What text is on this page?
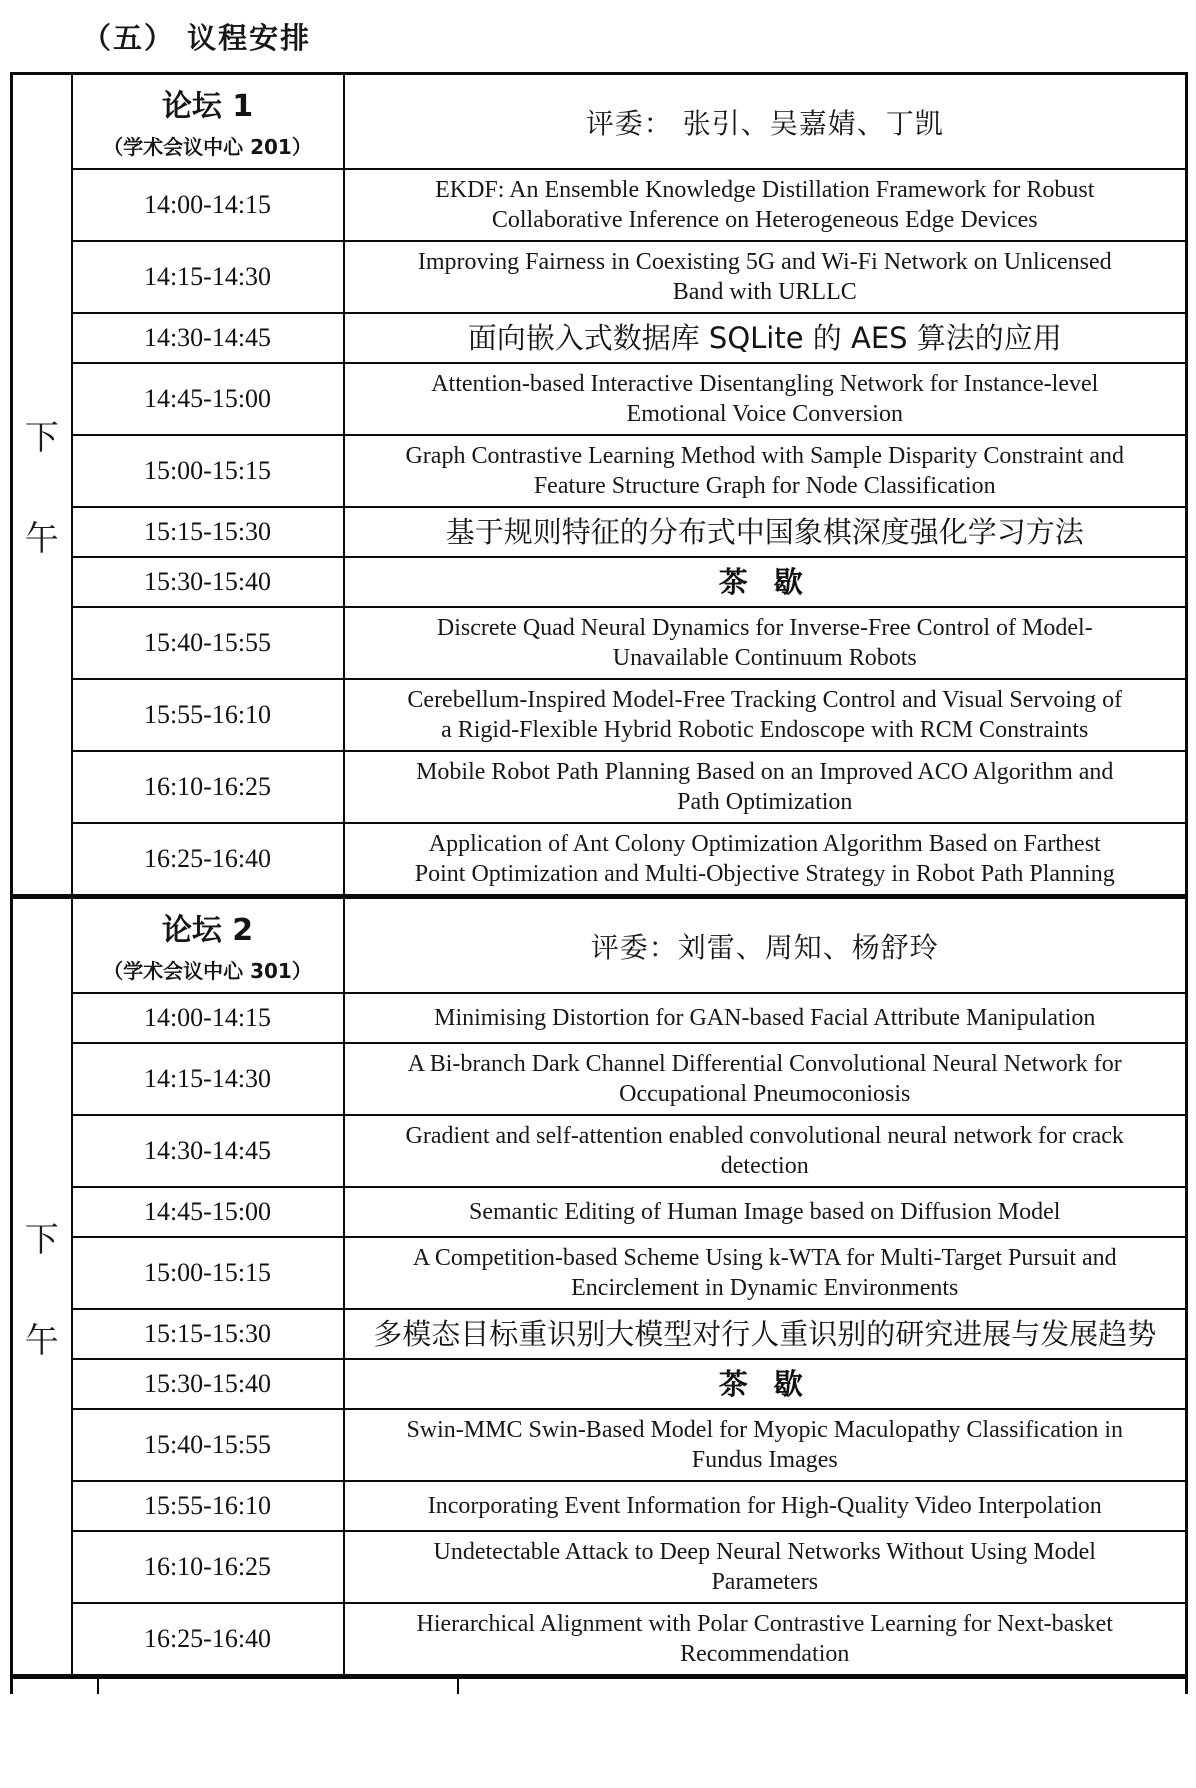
（五） 议程安排
下
午

论坛 1
（学术会议中心 201）
	评委： 张引、吴嘉婧、丁凯
	14:00-14:15	EKDF: An Ensemble Knowledge Distillation Framework for Robust Collaborative Inference on Heterogeneous Edge Devices
	14:15-14:30	Improving Fairness in Coexisting 5G and Wi-Fi Network on Unlicensed Band with URLLC
	14:30-14:45	面向嵌入式数据库 SQLite 的 AES 算法的应用
	14:45-15:00	Attention-based Interactive Disentangling Network for Instance-level Emotional Voice Conversion
	15:00-15:15	Graph Contrastive Learning Method with Sample Disparity Constraint and Feature Structure Graph for Node Classification
	15:15-15:30	基于规则特征的分布式中国象棋深度强化学习方法
	15:30-15:40	茶 歇
	15:40-15:55	Discrete Quad Neural Dynamics for Inverse-Free Control of Model-Unavailable Continuum Robots
	15:55-16:10	Cerebellum-Inspired Model-Free Tracking Control and Visual Servoing of a Rigid-Flexible Hybrid Robotic Endoscope with RCM Constraints
	16:10-16:25	Mobile Robot Path Planning Based on an Improved ACO Algorithm and Path Optimization
	16:25-16:40	Application of Ant Colony Optimization Algorithm Based on Farthest Point Optimization and Multi-Objective Strategy in Robot Path Planning

下
午

论坛 2
（学术会议中心 301）
	评委：刘雷、周知、杨舒玲
	14:00-14:15	Minimising Distortion for GAN-based Facial Attribute Manipulation
	14:15-14:30	A Bi-branch Dark Channel Differential Convolutional Neural Network for Occupational Pneumoconiosis
	14:30-14:45	Gradient and self-attention enabled convolutional neural network for crack detection
	14:45-15:00	Semantic Editing of Human Image based on Diffusion Model
	15:00-15:15	A Competition-based Scheme Using k-WTA for Multi-Target Pursuit and Encirclement in Dynamic Environments
	15:15-15:30	多模态目标重识别大模型对行人重识别的研究进展与发展趋势
	15:30-15:40	茶 歇
	15:40-15:55	Swin-MMC Swin-Based Model for Myopic Maculopathy Classification in Fundus Images
	15:55-16:10	Incorporating Event Information for High-Quality Video Interpolation
	16:10-16:25	Undetectable Attack to Deep Neural Networks Without Using Model Parameters
	16:25-16:40	Hierarchical Alignment with Polar Contrastive Learning for Next-basket Recommendation
